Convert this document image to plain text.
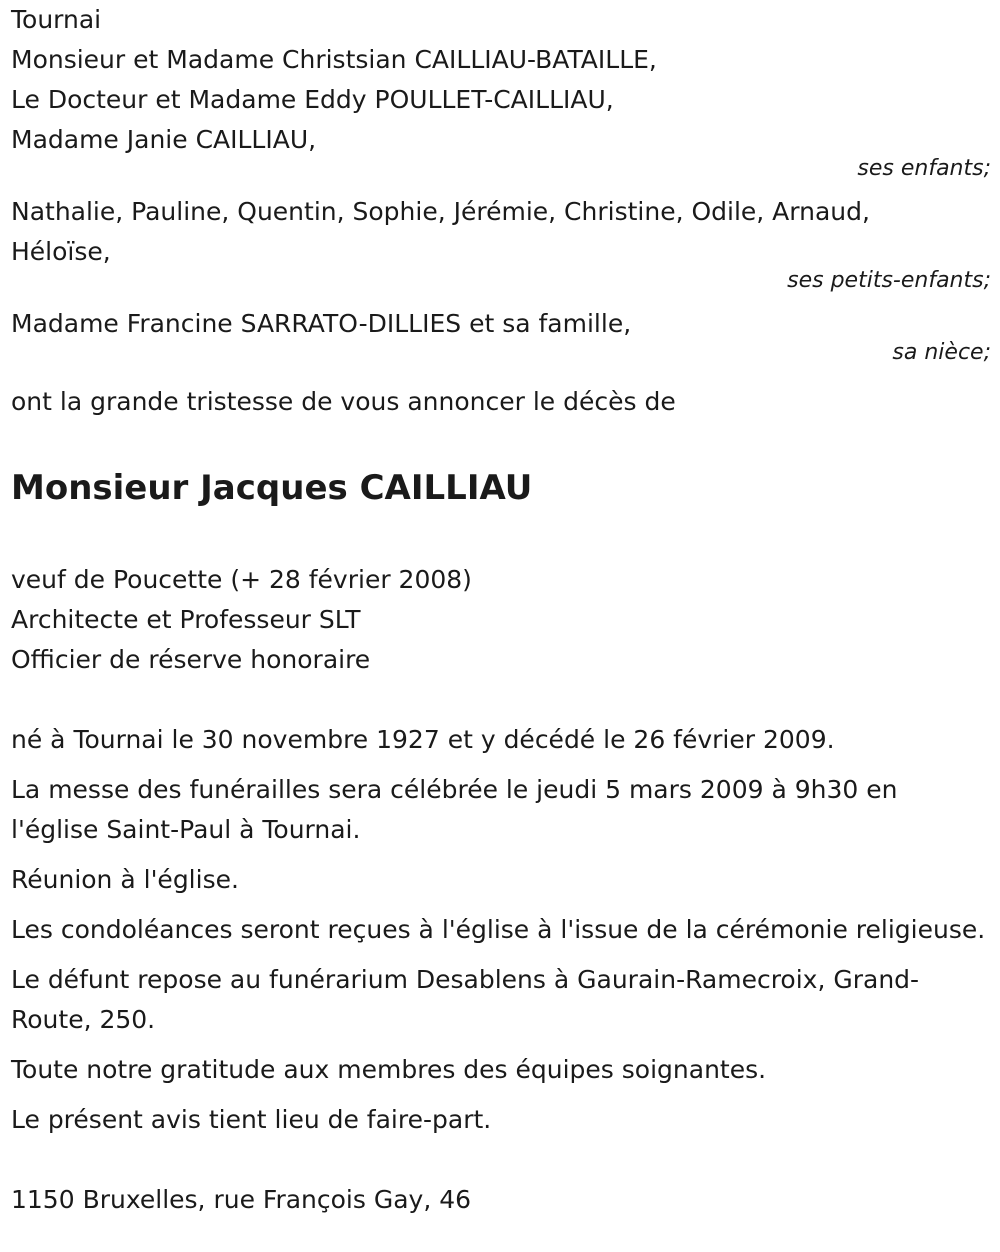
Tournai
Monsieur et Madame Christsian CAILLIAU-BATAILLE,
Le Docteur et Madame Eddy POULLET-CAILLIAU,
Madame Janie CAILLIAU,
ses enfants;
Nathalie, Pauline, Quentin, Sophie, Jérémie, Christine, Odile, Arnaud,
Héloïse,
ses petits-enfants;
Madame Francine SARRATO-DILLIES et sa famille,
sa nièce;
ont la grande tristesse de vous annoncer le décès de
Monsieur Jacques CAILLIAU
veuf de Poucette (+ 28 février 2008)
Architecte et Professeur SLT
Officier de réserve honoraire
né à Tournai le 30 novembre 1927 et y décédé le 26 février 2009.
La messe des funérailles sera célébrée le jeudi 5 mars 2009 à 9h30 en l'église Saint-Paul à Tournai.
Réunion à l'église.
Les condoléances seront reçues à l'église à l'issue de la cérémonie religieuse.
Le défunt repose au funérarium Desablens à Gaurain-Ramecroix, Grand-Route, 250.
Toute notre gratitude aux membres des équipes soignantes.
Le présent avis tient lieu de faire-part.
1150 Bruxelles, rue François Gay, 46
